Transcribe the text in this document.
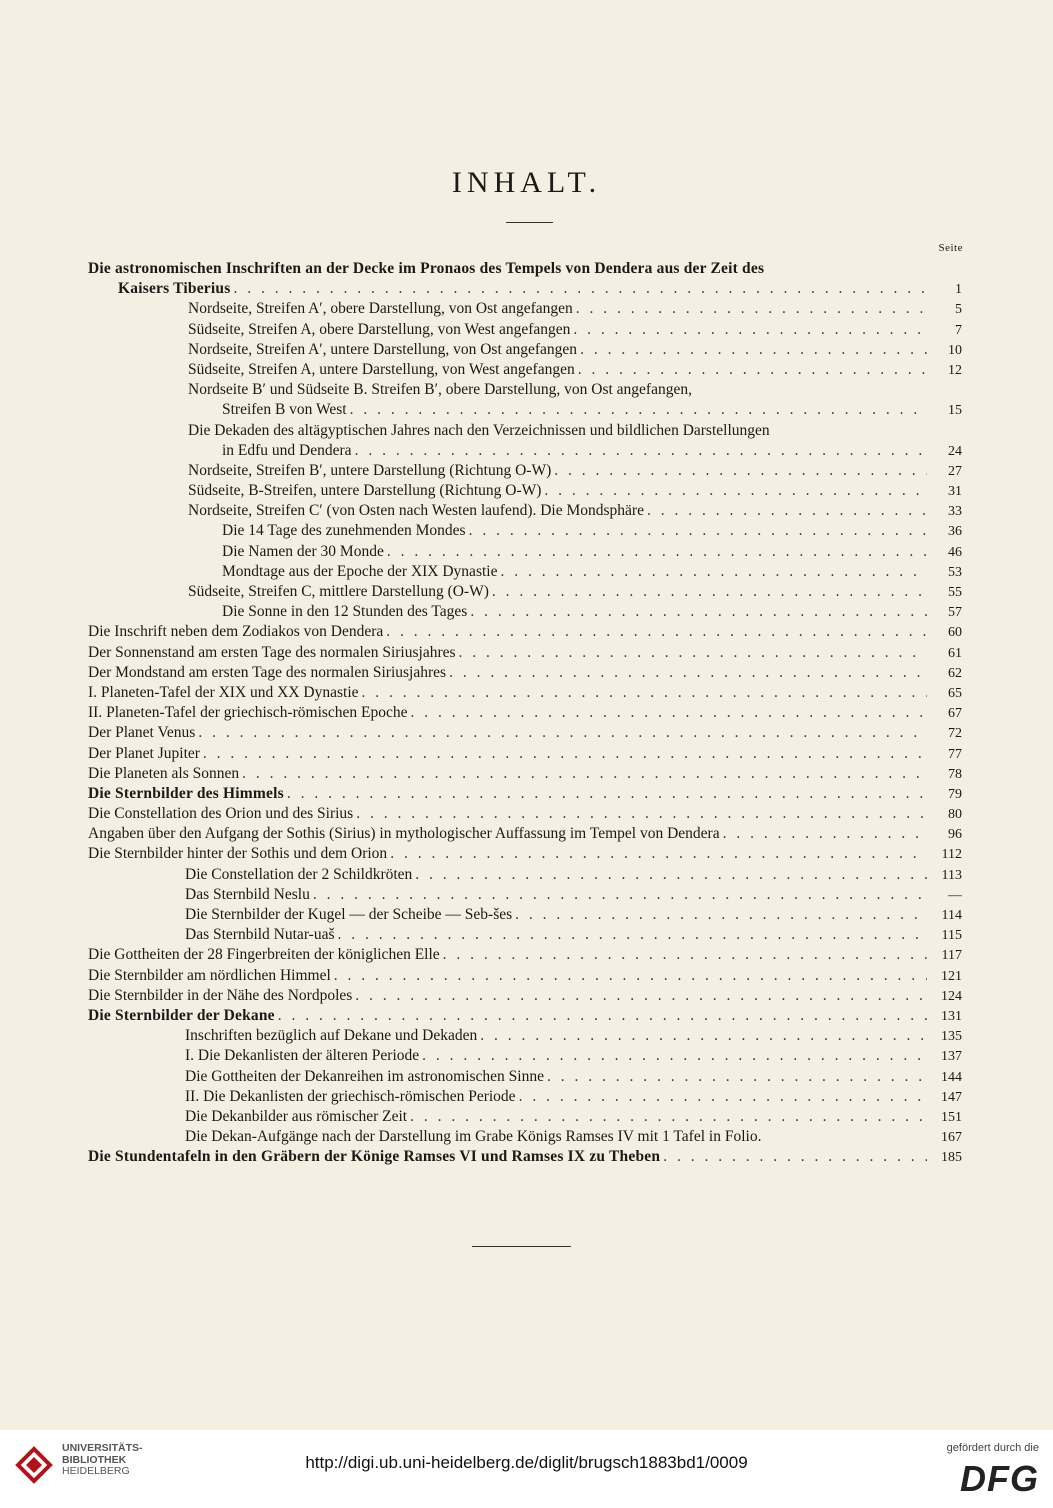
INHALT.
Seite
Die astronomischen Inschriften an der Decke im Pronaos des Tempels von Dendera aus der Zeit des
Kaisers Tiberius . . .	1
Nordseite, Streifen A′, obere Darstellung, von Ost angefangen . . .	5
Südseite, Streifen A, obere Darstellung, von West angefangen . . .	7
Nordseite, Streifen A′, untere Darstellung, von Ost angefangen . . .	10
Südseite, Streifen A, untere Darstellung, von West angefangen . . .	12
Nordseite B′ und Südseite B. Streifen B′, obere Darstellung, von Ost angefangen,
Streifen B von West . . .	15
Die Dekaden des altägyptischen Jahres nach den Verzeichnissen und bildlichen Darstellungen
in Edfu und Dendera . . .	24
Nordseite, Streifen B′, untere Darstellung (Richtung O-W) . . .	27
Südseite, B-Streifen, untere Darstellung (Richtung O-W) . . .	31
Nordseite, Streifen C′ (von Osten nach Westen laufend). Die Mondsphäre . . .	33
Die 14 Tage des zunehmenden Mondes . . .	36
Die Namen der 30 Monde . . .	46
Mondtage aus der Epoche der XIX Dynastie . . .	53
Südseite, Streifen C, mittlere Darstellung (O-W) . . .	55
Die Sonne in den 12 Stunden des Tages . . .	57
Die Inschrift neben dem Zodiakos von Dendera . . .	60
Der Sonnenstand am ersten Tage des normalen Siriusjahres . . .	61
Der Mondstand am ersten Tage des normalen Siriusjahres . . .	62
I. Planeten-Tafel der XIX und XX Dynastie . . .	65
II. Planeten-Tafel der griechisch-römischen Epoche . . .	67
Der Planet Venus . . .	72
Der Planet Jupiter . . .	77
Die Planeten als Sonnen . . .	78
Die Sternbilder des Himmels . . .	79
Die Constellation des Orion und des Sirius . . .	80
Angaben über den Aufgang der Sothis (Sirius) in mythologischer Auffassung im Tempel von Dendera . . .	96
Die Sternbilder hinter der Sothis und dem Orion . . .	112
Die Constellation der 2 Schildkröten . . .	113
Das Sternbild Neslu . . .	—
Die Sternbilder der Kugel — der Scheibe — Seb-šes . . .	114
Das Sternbild Nutar-uaš . . .	115
Die Gottheiten der 28 Fingerbreiten der königlichen Elle . . .	117
Die Sternbilder am nördlichen Himmel . . .	121
Die Sternbilder in der Nähe des Nordpoles . . .	124
Die Sternbilder der Dekane . . .	131
Inschriften bezüglich auf Dekane und Dekaden . . .	135
I. Die Dekanlisten der älteren Periode . . .	137
Die Gottheiten der Dekanreihen im astronomischen Sinne . . .	144
II. Die Dekanlisten der griechisch-römischen Periode . . .	147
Die Dekanbilder aus römischer Zeit . . .	151
Die Dekan-Aufgänge nach der Darstellung im Grabe Königs Ramses IV mit 1 Tafel in Folio.	167
Die Stundentafeln in den Gräbern der Könige Ramses VI und Ramses IX zu Theben . . .	185
UNIVERSITÄTS-
BIBLIOTHEK
HEIDELBERG	http://digi.ub.uni-heidelberg.de/diglit/brugsch1883bd1/0009
gefördert durch die
DFG
